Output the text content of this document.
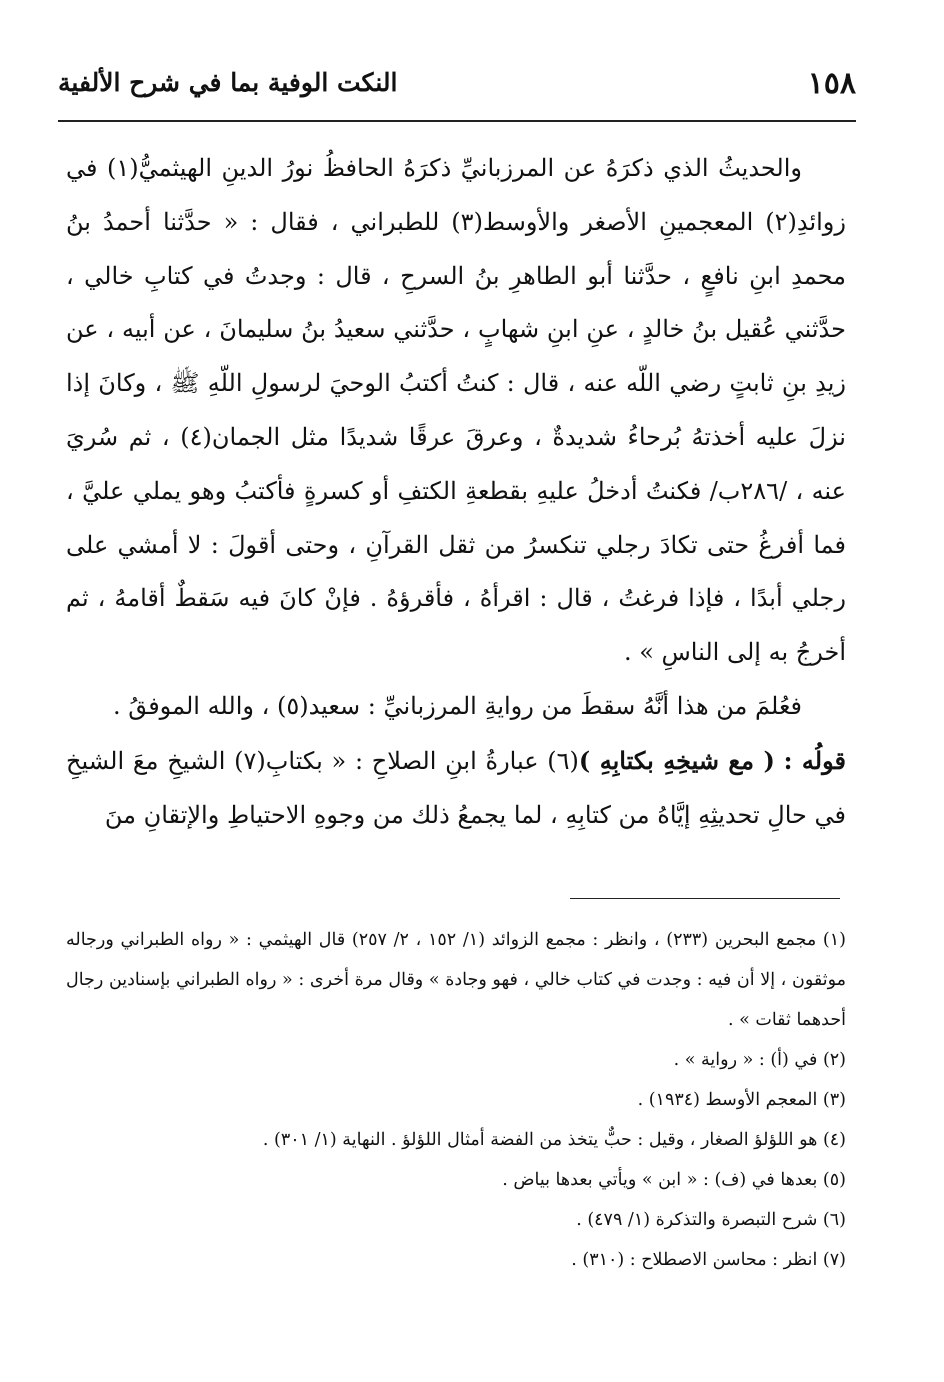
١٥٨
النكت الوفية بما في شرح الألفية

والحديثُ الذي ذكرَهُ عن المرزبانيِّ ذكرَهُ الحافظُ نورُ الدينِ الهيثميُّ(١) في زوائدِ(٢) المعجمينِ الأصغر والأوسط(٣) للطبراني ، فقال : « حدَّثنا أحمدُ بنُ محمدِ ابنِ نافعٍ ، حدَّثنا أبو الطاهرِ بنُ السرحِ ، قال : وجدتُ في كتابِ خالي ، حدَّثني عُقيل بنُ خالدٍ ، عنِ ابنِ شهابٍ ، حدَّثني سعيدُ بنُ سليمانَ ، عن أبيه ، عن زيدِ بنِ ثابتٍ رضي اللّه عنه ، قال : كنتُ أكتبُ الوحيَ لرسولِ اللّهِ ﷺ ، وكانَ إذا نزلَ عليه أخذتهُ بُرحاءُ شديدةٌ ، وعرقَ عرقًا شديدًا مثل الجمان(٤) ، ثم سُريَ عنه ، /٢٨٦ب/ فكنتُ أدخلُ عليهِ بقطعةِ الكتفِ أو كسرةٍ فأكتبُ وهو يملي عليَّ ، فما أفرغُ حتى تكادَ رجلي تنكسرُ من ثقل القرآنِ ، وحتى أقولَ : لا أمشي على رجلي أبدًا ، فإذا فرغتُ ، قال : اقرأهُ ، فأقرؤهُ . فإنْ كانَ فيه سَقطٌ أقامهُ ، ثم أخرجُ به إلى الناسِ » .

فعُلمَ من هذا أنَّهُ سقطَ من روايةِ المرزبانيِّ : سعيد(٥) ، والله الموفقُ .

قولُه : ( مع شيخِهِ بكتابِهِ )(٦) عبارةُ ابنِ الصلاحِ : « بكتابِ(٧) الشيخِ معَ الشيخِ في حالِ تحديثِهِ إيَّاهُ من كتابِهِ ، لما يجمعُ ذلك من وجوهِ الاحتياطِ والإتقانِ منَ

(١) مجمع البحرين (٢٣٣) ، وانظر : مجمع الزوائد (١/ ١٥٢ ، ٢/ ٢٥٧) قال الهيثمي : « رواه الطبراني ورجاله موثقون ، إلا أن فيه : وجدت في كتاب خالي ، فهو وجادة » وقال مرة أخرى : « رواه الطبراني بإسنادين رجال أحدهما ثقات » .

(٢) في (أ) : « رواية » .

(٣) المعجم الأوسط (١٩٣٤) .

(٤) هو اللؤلؤ الصغار ، وقيل : حبٌّ يتخذ من الفضة أمثال اللؤلؤ . النهاية (١/ ٣٠١) .

(٥) بعدها في (ف) : « ابن » ويأتي بعدها بياض .

(٦) شرح التبصرة والتذكرة (١/ ٤٧٩) .

(٧) انظر : محاسن الاصطلاح : (٣١٠) .
